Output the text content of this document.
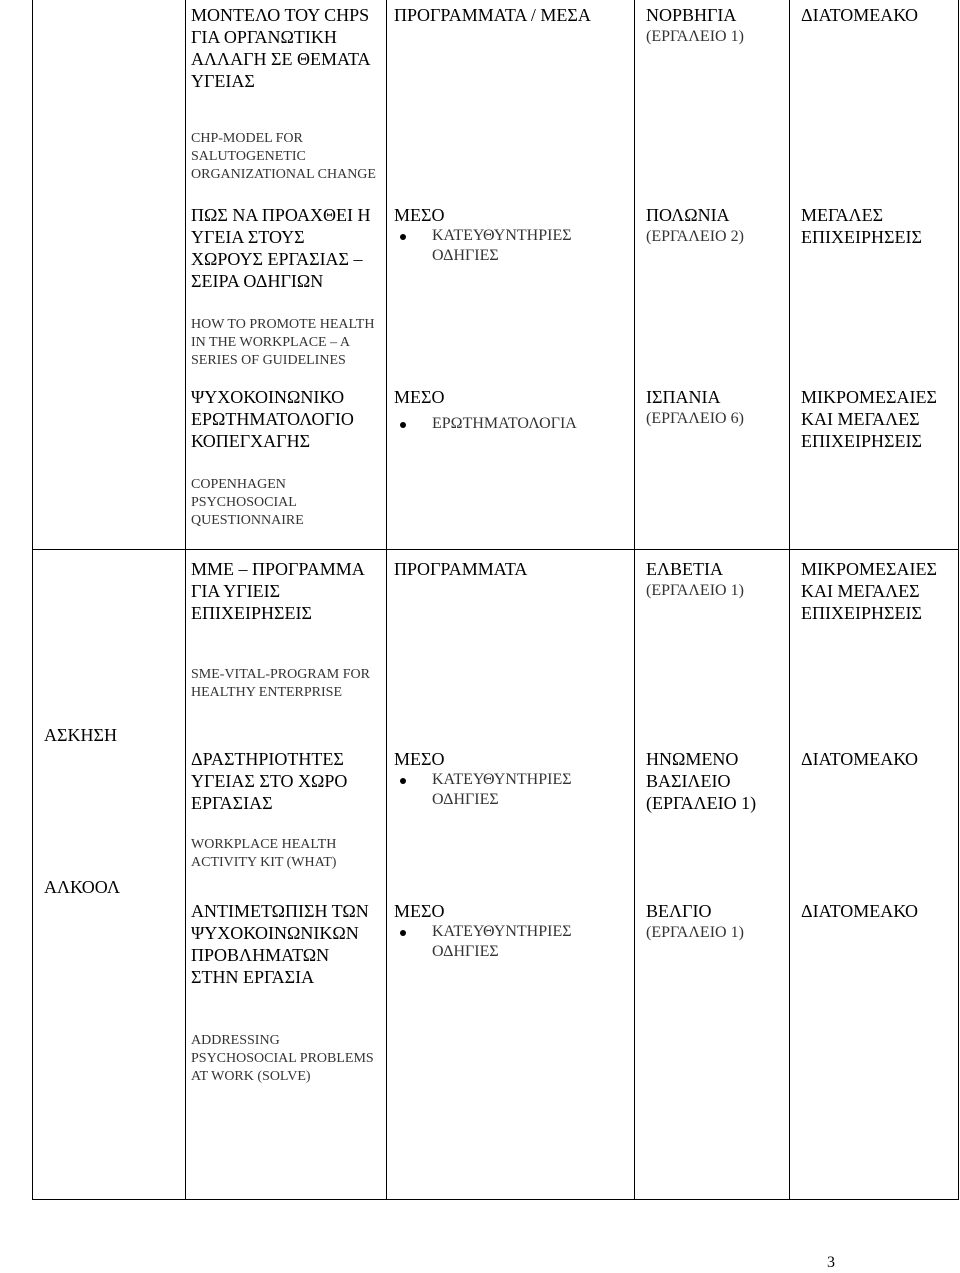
ΜΟΝΤΕΛΟ ΤΟΥ CHPS ΓΙΑ ΟΡΓΑΝΩΤΙΚΗ ΑΛΛΑΓΗ ΣΕ ΘΕΜΑΤΑ ΥΓΕΙΑΣ
CHP-MODEL FOR SALUTOGENETIC ORGANIZATIONAL CHANGE
ΠΡΟΓΡΑΜΜΑΤΑ / ΜΕΣΑ	ΝΟΡΒΗΓΙΑ
(ΕΡΓΑΛΕΙΟ 1)
ΔΙΑΤΟΜΕΑΚΟ
ΠΩΣ ΝΑ ΠΡΟΑΧΘΕΙ Η ΥΓΕΙΑ ΣΤΟΥΣ ΧΩΡΟΥΣ ΕΡΓΑΣΙΑΣ – ΣΕΙΡΑ ΟΔΗΓΙΩΝ
HOW TO PROMOTE HEALTH IN THE WORKPLACE – A SERIES OF GUIDELINES
ΜΕΣΟ
ΚΑΤΕΥΘΥΝΤΗΡΙΕΣ ΟΔΗΓΙΕΣ
ΠΟΛΩΝΙΑ
(ΕΡΓΑΛΕΙΟ 2)
ΜΕΓΑΛΕΣ ΕΠΙΧΕΙΡΗΣΕΙΣ
ΨΥΧΟΚΟΙΝΩΝΙΚΟ ΕΡΩΤΗΜΑΤΟΛΟΓΙΟ ΚΟΠΕΓΧΑΓΗΣ
COPENHAGEN PSYCHOSOCIAL QUESTIONNAIRE
ΜΕΣΟ
ΕΡΩΤΗΜΑΤΟΛΟΓΙΑ
ΙΣΠΑΝΙΑ
(ΕΡΓΑΛΕΙΟ 6)
ΜΙΚΡΟΜΕΣΑΙΕΣ ΚΑΙ ΜΕΓΑΛΕΣ ΕΠΙΧΕΙΡΗΣΕΙΣ
ΜΜΕ – ΠΡΟΓΡΑΜΜΑ ΓΙΑ ΥΓΙΕΙΣ ΕΠΙΧΕΙΡΗΣΕΙΣ
SME-VITAL-PROGRAM FOR HEALTHY ENTERPRISE
ΠΡΟΓΡΑΜΜΑΤΑ	ΕΛΒΕΤΙΑ
(ΕΡΓΑΛΕΙΟ 1)
ΜΙΚΡΟΜΕΣΑΙΕΣ ΚΑΙ ΜΕΓΑΛΕΣ ΕΠΙΧΕΙΡΗΣΕΙΣ
ΑΣΚΗΣΗ
ΔΡΑΣΤΗΡΙΟΤΗΤΕΣ ΥΓΕΙΑΣ ΣΤΟ ΧΩΡΟ ΕΡΓΑΣΙΑΣ
WORKPLACE HEALTH ACTIVITY KIT (WHAT)
ΜΕΣΟ
ΚΑΤΕΥΘΥΝΤΗΡΙΕΣ ΟΔΗΓΙΕΣ
ΗΝΩΜΕΝΟ ΒΑΣΙΛΕΙΟ
(ΕΡΓΑΛΕΙΟ 1)
ΔΙΑΤΟΜΕΑΚΟ
ΑΛΚΟΟΛ
ΑΝΤΙΜΕΤΩΠΙΣΗ ΤΩΝ ΨΥΧΟΚΟΙΝΩΝΙΚΩΝ ΠΡΟΒΛΗΜΑΤΩΝ ΣΤΗΝ ΕΡΓΑΣΙΑ
ADDRESSING PSYCHOSOCIAL PROBLEMS AT WORK (SOLVE)
ΜΕΣΟ
ΚΑΤΕΥΘΥΝΤΗΡΙΕΣ ΟΔΗΓΙΕΣ
ΒΕΛΓΙΟ
(ΕΡΓΑΛΕΙΟ 1)
ΔΙΑΤΟΜΕΑΚΟ
3
